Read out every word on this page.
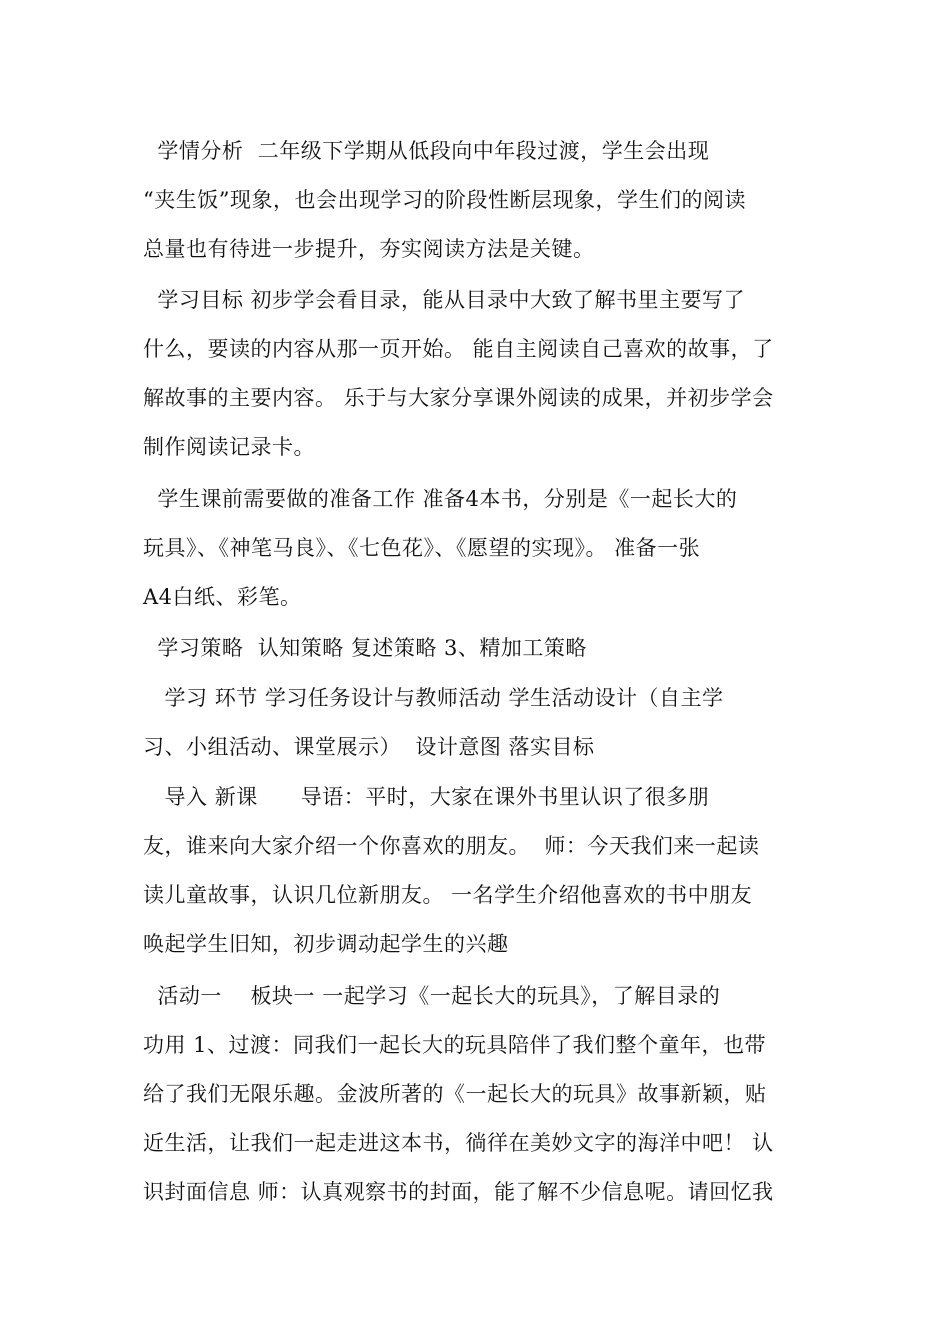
学情分析  二年级下学期从低段向中年段过渡，学生会出现
“夹生饭”现象，也会出现学习的阶段性断层现象，学生们的阅读
总量也有待进一步提升，夯实阅读方法是关键。
学习目标 初步学会看目录，能从目录中大致了解书里主要写了
什么，要读的内容从那一页开始。 能自主阅读自己喜欢的故事，了
解故事的主要内容。 乐于与大家分享课外阅读的成果，并初步学会
制作阅读记录卡。
学生课前需要做的准备工作 准备4本书，分别是《一起长大的
玩具》、《神笔马良》、《七色花》、《愿望的实现》。 准备一张
A4白纸、彩笔。
学习策略  认知策略 复述策略 3、精加工策略
学习 环节 学习任务设计与教师活动 学生活动设计（自主学
习、小组活动、课堂展示）  设计意图 落实目标
导入 新课      导语：平时，大家在课外书里认识了很多朋
友，谁来向大家介绍一个你喜欢的朋友。  师：今天我们来一起读
读儿童故事，认识几位新朋友。 一名学生介绍他喜欢的书中朋友
唤起学生旧知，初步调动起学生的兴趣
活动一    板块一 一起学习《一起长大的玩具》，了解目录的
功用 1、过渡：同我们一起长大的玩具陪伴了我们整个童年，也带
给了我们无限乐趣。金波所著的《一起长大的玩具》故事新颖，贴
近生活，让我们一起走进这本书，徜徉在美妙文字的海洋中吧！ 认
识封面信息 师：认真观察书的封面，能了解不少信息呢。请回忆我
